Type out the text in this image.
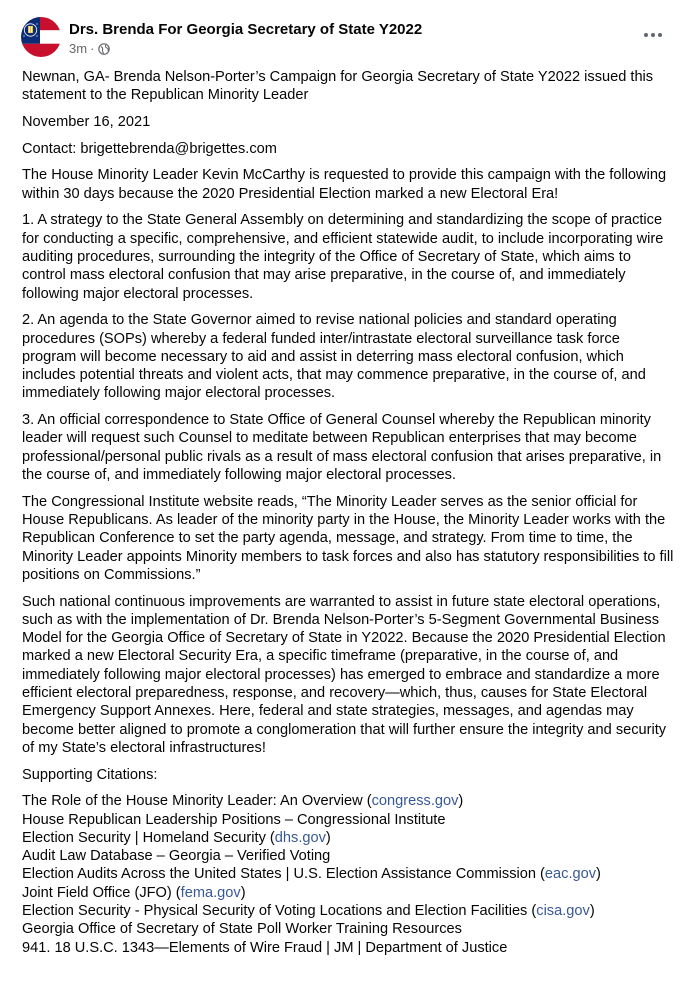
Drs. Brenda For Georgia Secretary of State Y2022
3m ·

Newnan, GA- Brenda Nelson-Porter’s Campaign for Georgia Secretary of State Y2022 issued this statement to the Republican Minority Leader

November 16, 2021

Contact: brigettebrenda@brigettes.com

The House Minority Leader Kevin McCarthy is requested to provide this campaign with the following within 30 days because the 2020 Presidential Election marked a new Electoral Era!

1. A strategy to the State General Assembly on determining and standardizing the scope of practice for conducting a specific, comprehensive, and efficient statewide audit, to include incorporating wire auditing procedures, surrounding the integrity of the Office of Secretary of State, which aims to control mass electoral confusion that may arise preparative, in the course of, and immediately following major electoral processes.

2. An agenda to the State Governor aimed to revise national policies and standard operating procedures (SOPs) whereby a federal funded inter/intrastate electoral surveillance task force program will become necessary to aid and assist in deterring mass electoral confusion, which includes potential threats and violent acts, that may commence preparative, in the course of, and immediately following major electoral processes.

3. An official correspondence to State Office of General Counsel whereby the Republican minority leader will request such Counsel to meditate between Republican enterprises that may become professional/personal public rivals as a result of mass electoral confusion that arises preparative, in the course of, and immediately following major electoral processes.

The Congressional Institute website reads, “The Minority Leader serves as the senior official for House Republicans. As leader of the minority party in the House, the Minority Leader works with the Republican Conference to set the party agenda, message, and strategy. From time to time, the Minority Leader appoints Minority members to task forces and also has statutory responsibilities to fill positions on Commissions.”

Such national continuous improvements are warranted to assist in future state electoral operations, such as with the implementation of Dr. Brenda Nelson-Porter’s 5-Segment Governmental Business Model for the Georgia Office of Secretary of State in Y2022. Because the 2020 Presidential Election marked a new Electoral Security Era, a specific timeframe (preparative, in the course of, and immediately following major electoral processes) has emerged to embrace and standardize a more efficient electoral preparedness, response, and recovery—which, thus, causes for State Electoral Emergency Support Annexes. Here, federal and state strategies, messages, and agendas may become better aligned to promote a conglomeration that will further ensure the integrity and security of my State’s electoral infrastructures!

Supporting Citations:

The Role of the House Minority Leader: An Overview (congress.gov)

House Republican Leadership Positions – Congressional Institute

Election Security | Homeland Security (dhs.gov)

Audit Law Database – Georgia – Verified Voting

Election Audits Across the United States | U.S. Election Assistance Commission (eac.gov)

Joint Field Office (JFO) (fema.gov)

Election Security - Physical Security of Voting Locations and Election Facilities (cisa.gov)

Georgia Office of Secretary of State Poll Worker Training Resources

941. 18 U.S.C. 1343—Elements of Wire Fraud | JM | Department of Justice
